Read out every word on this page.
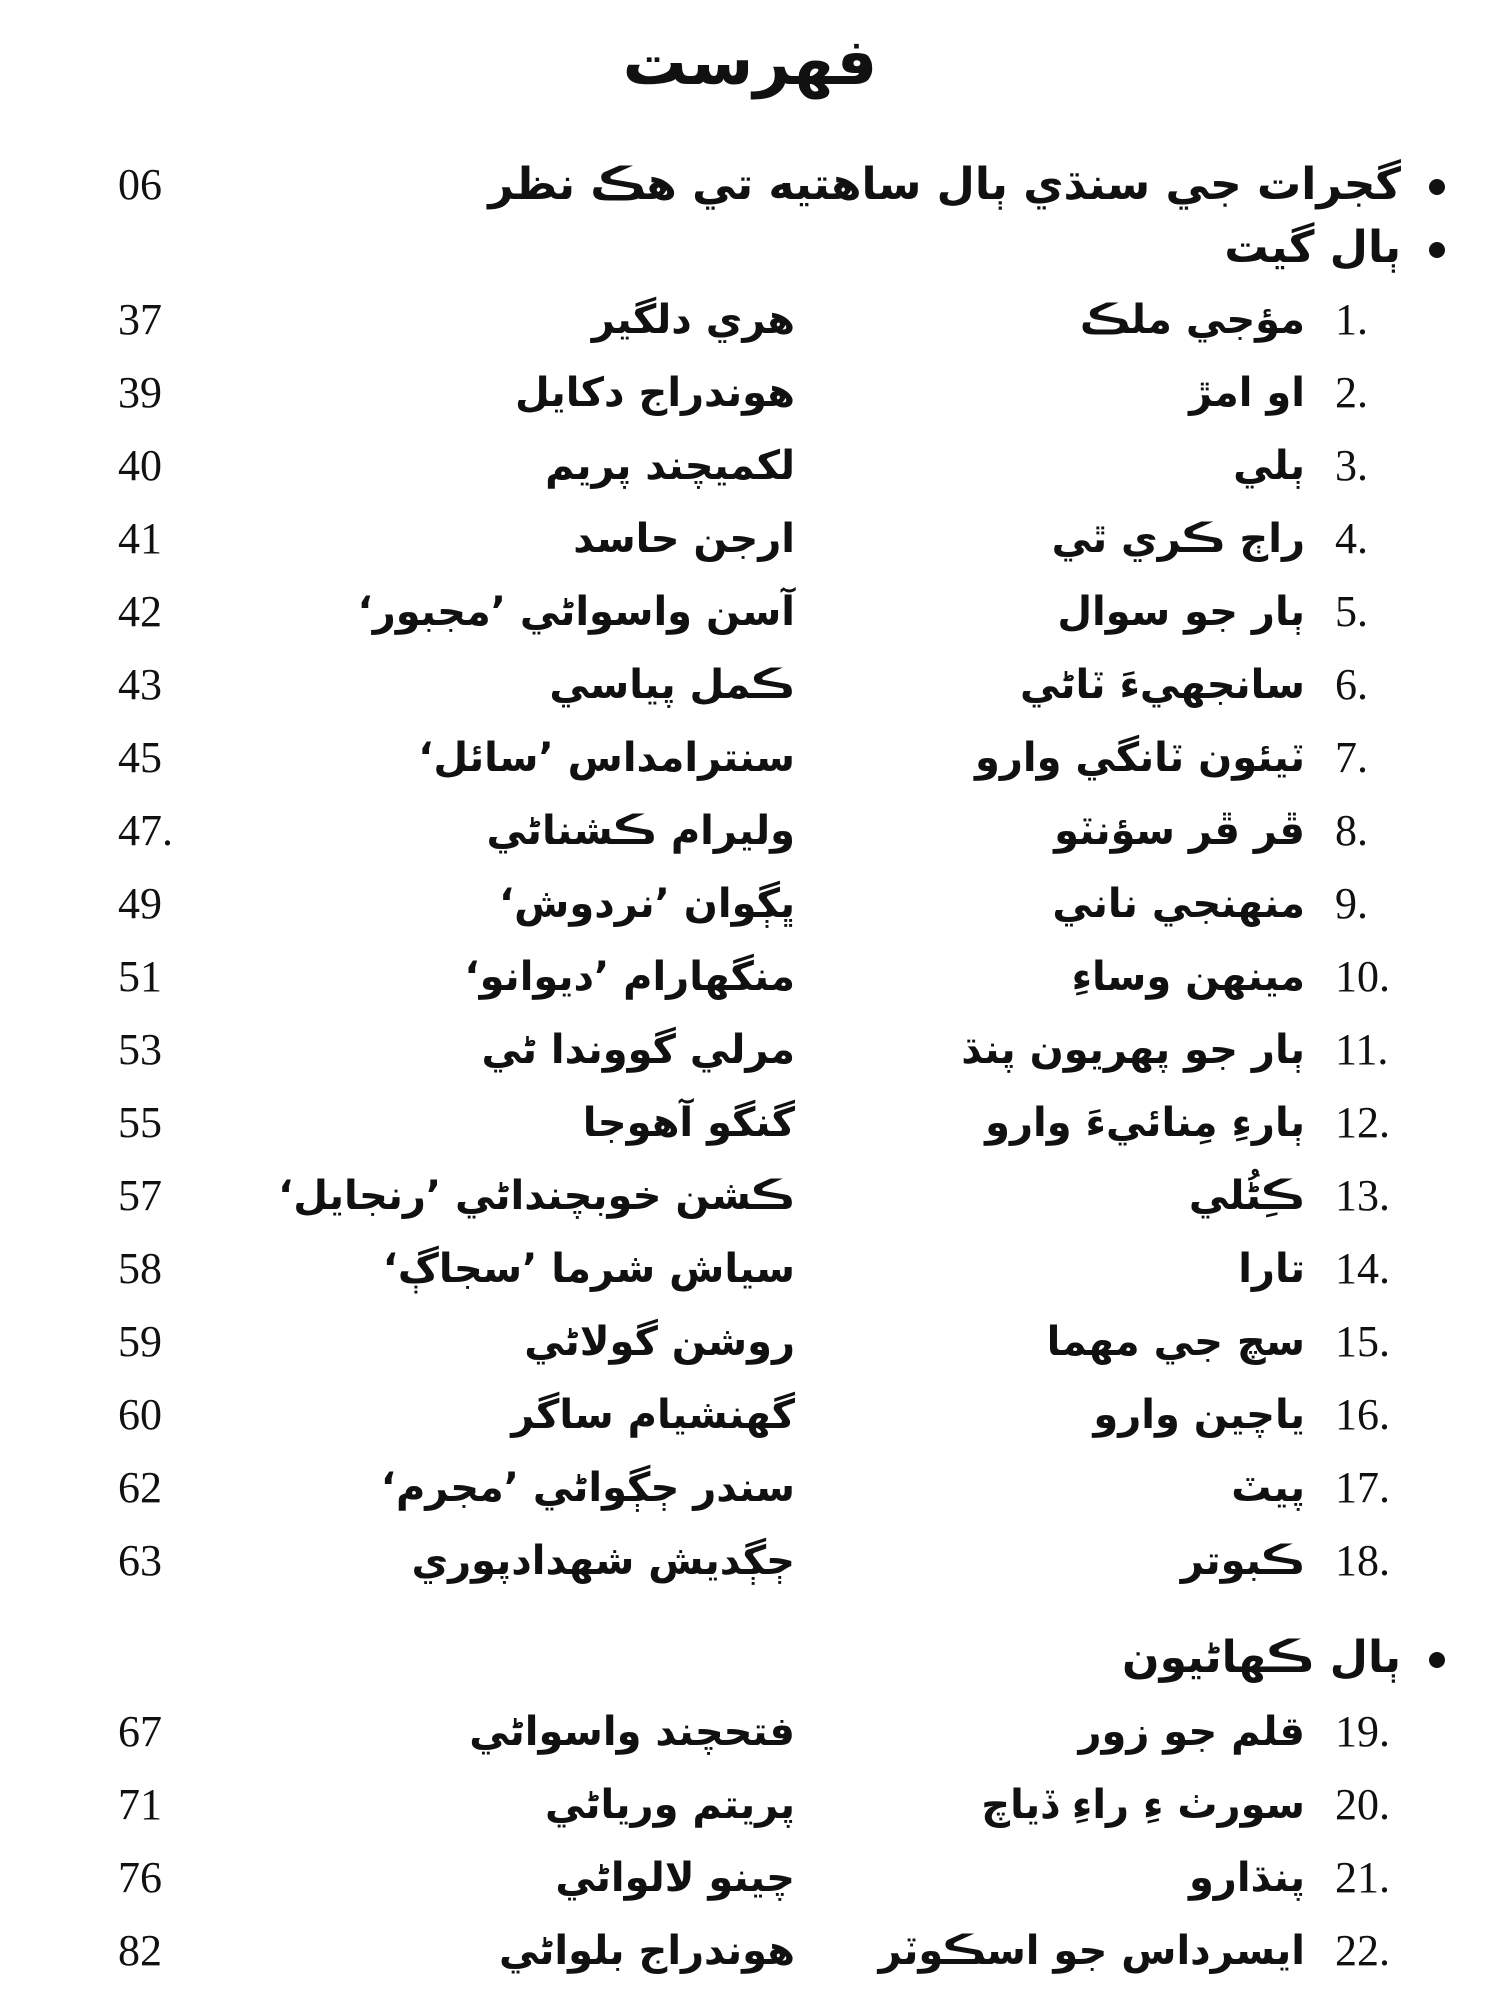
فهرست
گجرات جي سنڌي ٻال ساهتيه تي هڪ نظر
06
ٻال گيت
1.
مؤجي ملڪ
هري دلگير
37
2.
او امڙ
هوندراج دکايل
39
3.
ٻلي
لکميچند پريم
40
4.
راڄ ڪري ٿي
ارجن حاسد
41
5.
ٻار جو سوال
آسن واسواڻي ’مجبور‘
42
6.
سانجهيءَ ٽاڻي
ڪمل پياسي
43
7.
ٽيئون ٽانگي وارو
سنترامداس ’سائل‘
45
8.
ڦر ڦر سؤنٽو
وليرام ڪشناڻي
47.
9.
منهنجي ناني
ڀڳوان ’نردوش‘
49
10.
مينهن وساءِ
منگهارام ’ديوانو‘
51
11.
ٻار جو پهريون پنڌ
مرلي گووندا ڻي
53
12.
ٻارءِ مِنائيءَ وارو
گنگو آهوجا
55
13.
ڪِڻُلي
ڪشن خوبچنداڻي ’رنجايل‘
57
14.
تارا
سياش شرما ’سجاڳ‘
58
15.
سچ جي مهما
روشن گولاڻي
59
16.
ياچين وارو
گهنشيام ساگر
60
17.
پيٽ
سندر ڄڳواڻي ’مجرم‘
62
18.
ڪبوتر
ڄڳديش شهدادپوري
63
ٻال ڪهاڻيون
19.
قلم جو زور
فتحچند واسواڻي
67
20.
سورٺ ءِ راءِ ڏياچ
پريتم ورياڻي
71
21.
پنڌارو
چينو لالواڻي
76
22.
ايسرداس جو اسڪوٽر
هوندراج بلواڻي
82
